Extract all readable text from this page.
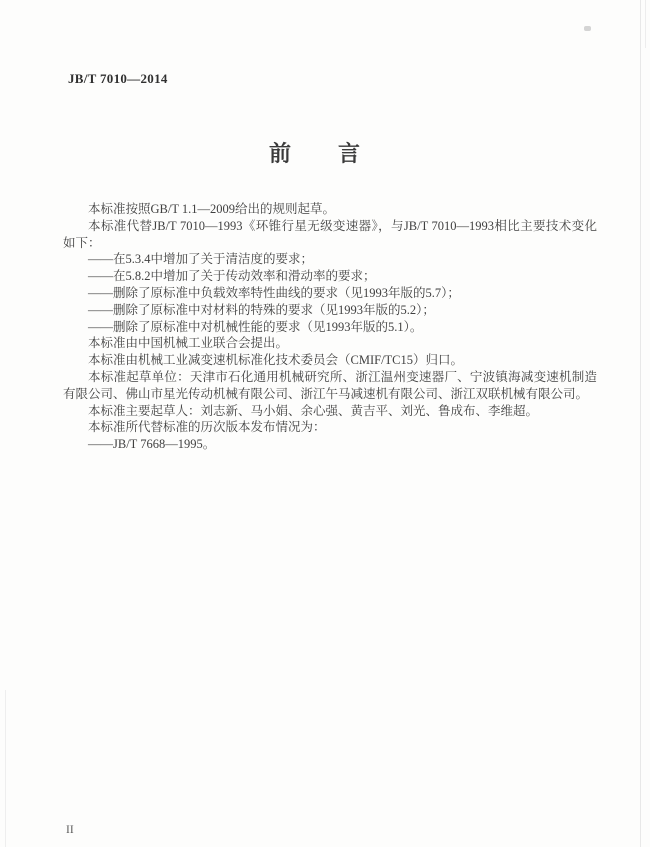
JB/T 7010—2014
前　　言

本标准按照GB/T 1.1—2009给出的规则起草。

本标准代替JB/T 7010—1993《环锥行星无级变速器》，与JB/T 7010—1993相比主要技术变化如下：

——在5.3.4中增加了关于清洁度的要求；

——在5.8.2中增加了关于传动效率和滑动率的要求；

——删除了原标准中负载效率特性曲线的要求（见1993年版的5.7）；

——删除了原标准中对材料的特殊的要求（见1993年版的5.2）；

——删除了原标准中对机械性能的要求（见1993年版的5.1）。

本标准由中国机械工业联合会提出。

本标准由机械工业减变速机标准化技术委员会（CMIF/TC15）归口。

本标准起草单位：天津市石化通用机械研究所、浙江温州变速器厂、宁波镇海减变速机制造有限公司、佛山市星光传动机械有限公司、浙江午马减速机有限公司、浙江双联机械有限公司。

本标准主要起草人：刘志新、马小娟、余心强、黄吉平、刘光、鲁成布、李维超。

本标准所代替标准的历次版本发布情况为：

——JB/T 7668—1995。

II
